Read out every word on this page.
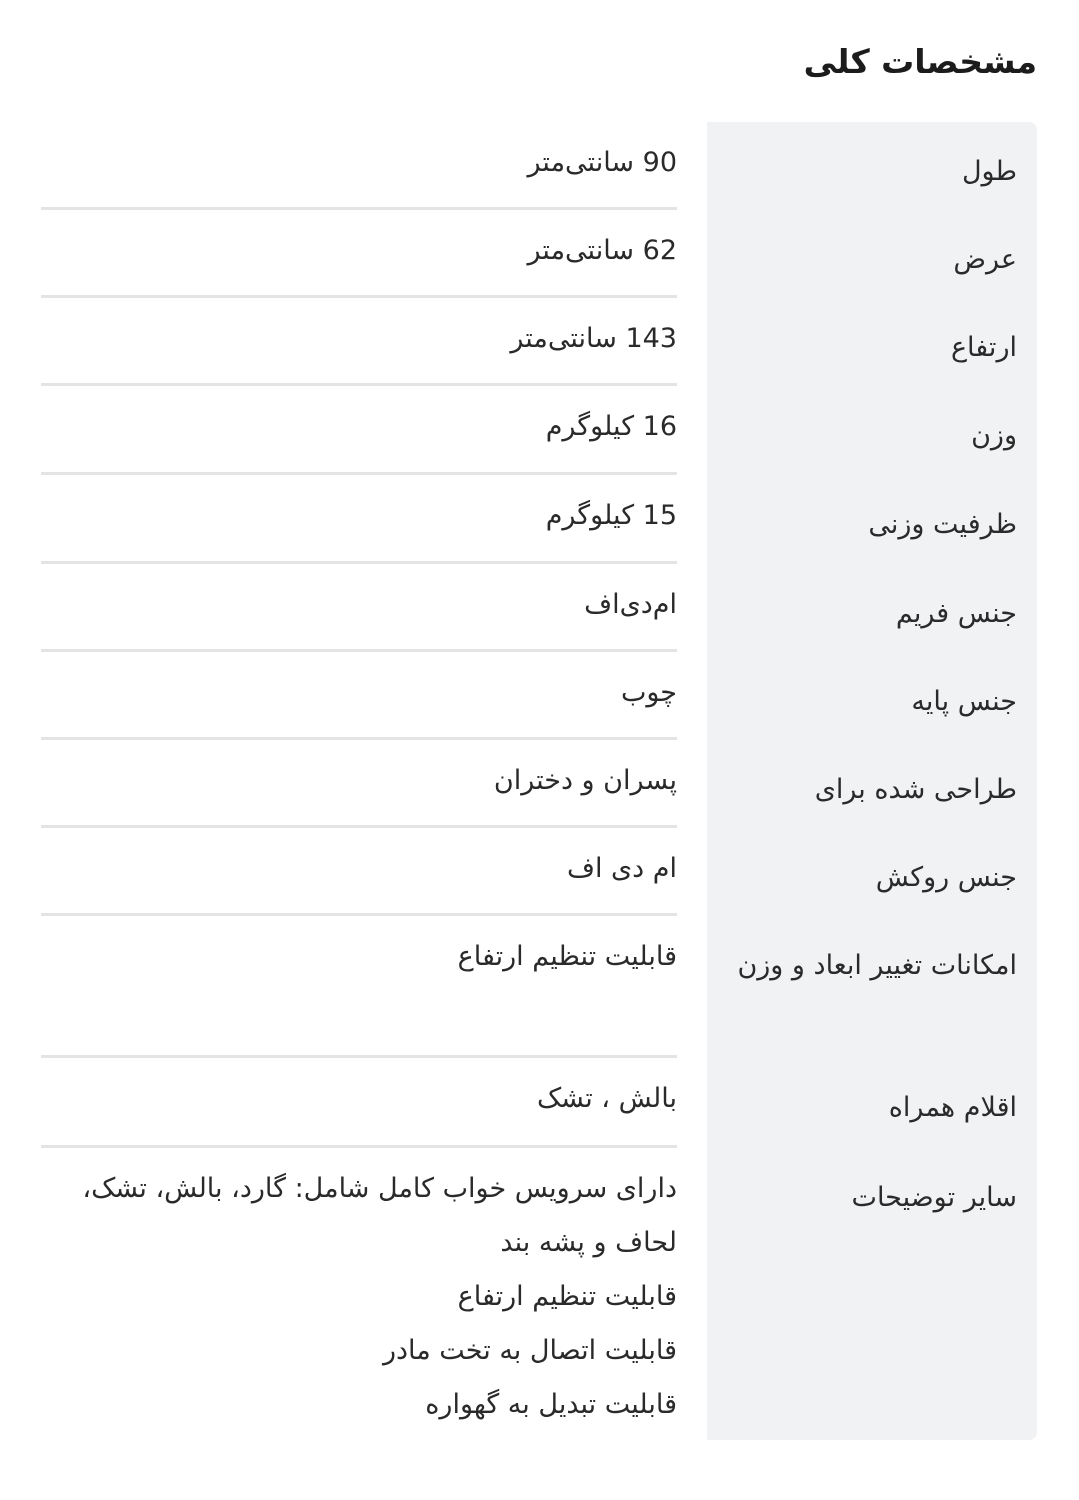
مشخصات کلی
طول
90 سانتی‌متر
عرض
62 سانتی‌متر
ارتفاع
143 سانتی‌متر
وزن
16 کیلوگرم
ظرفیت وزنی
15 کیلوگرم
جنس فریم
ام‌دی‌اف
جنس پایه
چوب
طراحی شده برای
پسران و دختران
جنس روکش
ام دی اف
امکانات تغییر ابعاد و وزن
قابلیت تنظیم ارتفاع
اقلام همراه
بالش ، تشک
سایر توضیحات
دارای سرویس خواب کامل شامل: گارد، بالش، تشک، لحاف و پشه بند
قابلیت تنظیم ارتفاع
قابلیت اتصال به تخت مادر
قابلیت تبدیل به گهواره
